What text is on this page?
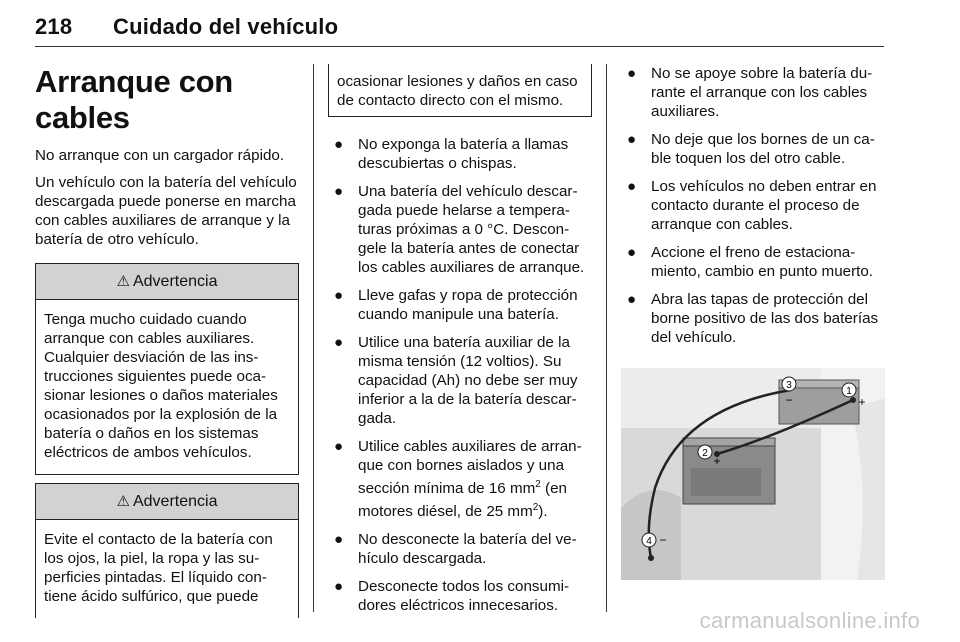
218 Cuidado del vehículo
Arranque con cables

No arranque con un cargador rápido.

Un vehículo con la batería del vehículo descargada puede ponerse en marcha con cables auxiliares de arranque y la batería de otro vehículo.

⚠ Advertencia
Tenga mucho cuidado cuando arranque con cables auxiliares. Cualquier desviación de las instrucciones siguientes puede ocasionar lesiones o daños materiales ocasionados por la explosión de la batería o daños en los sistemas eléctricos de ambos vehículos.
⚠ Advertencia
Evite el contacto de la batería con los ojos, la piel, la ropa y las superficies pintadas. El líquido contiene ácido sulfúrico, que puede
ocasionar lesiones y daños en caso de contacto directo con el mismo.
● No exponga la batería a llamas descubiertas o chispas.
● Una batería del vehículo descargada puede helarse a temperaturas próximas a 0 °C. Descongele la batería antes de conectar los cables auxiliares de arranque.
● Lleve gafas y ropa de protección cuando manipule una batería.
● Utilice una batería auxiliar de la misma tensión (12 voltios). Su capacidad (Ah) no debe ser muy inferior a la de la batería descargada.
● Utilice cables auxiliares de arranque con bornes aislados y una sección mínima de 16 $mm^2$ (en motores diésel, de 25 $mm^2$).
● No desconecte la batería del vehículo descargada.
● Desconecte todos los consumidores eléctricos innecesarios.
● No se apoye sobre la batería durante el arranque con los cables auxiliares.
● No deje que los bornes de un cable toquen los del otro cable.
● Los vehículos no deben entrar en contacto durante el proceso de arranque con cables.
● Accione el freno de estacionamiento, cambio en punto muerto.
● Abra las tapas de protección del borne positivo de las dos baterías del vehículo.
1
+
2
+
3
−
4 −
carmanualsonline.info
